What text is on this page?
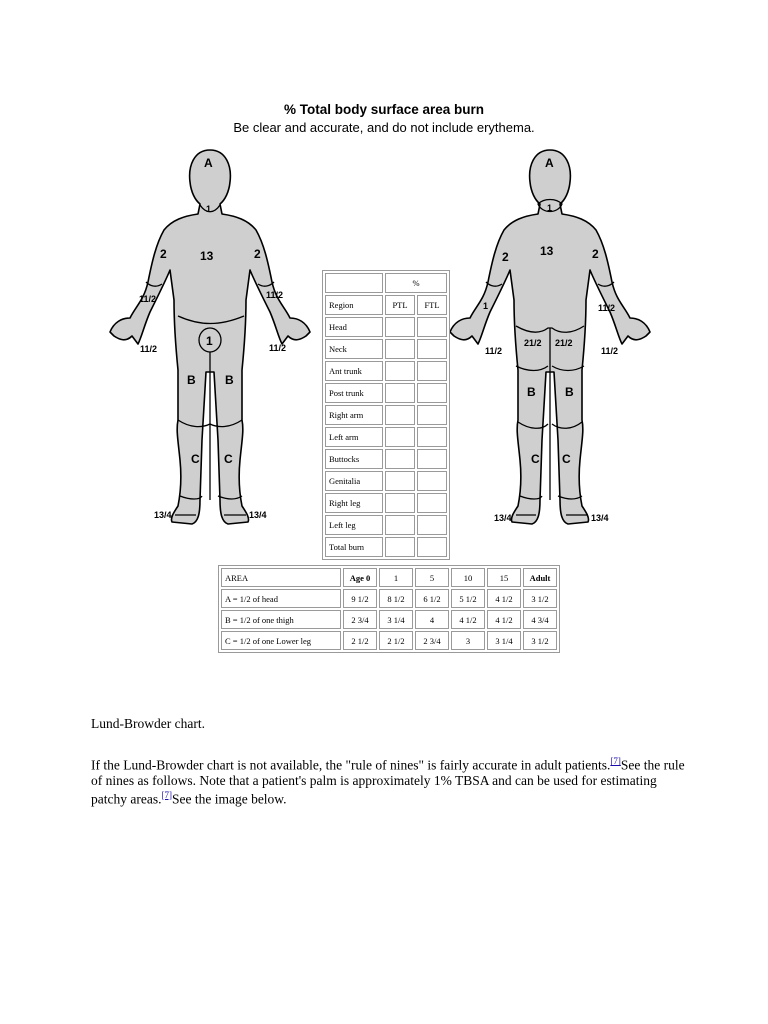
% Total body surface area burn
Be clear and accurate, and do not include erythema.
A
1
13
2	2
11/2	11/2
11/2	11/2
1
B B
C C
13/4	13/4
A
1
13
2	2
1	11/2
11/2	11/2
21/2 21/2
B B
C C
13/4	13/4
	%	
Region	PTL	FTL
Head		
Neck		
Ant trunk		
Post trunk		
Right arm		
Left arm		
Buttocks		
Genitalia		
Right leg		
Left leg		
Total burn		
AREA	Age 0	1	5	10	15	Adult
A = 1/2 of head	9 1/2	8 1/2	6 1/2	5 1/2	4 1/2	3 1/2
B = 1/2 of one thigh	2 3/4	3 1/4	4	4 1/2	4 1/2	4 3/4
C = 1/2 of one Lower leg	2 1/2	2 1/2	2 3/4	3	3 1/4	3 1/2

Lund-Browder chart.

If the Lund-Browder chart is not available, the "rule of nines" is fairly accurate in adult patients.[7]See the rule of nines as follows. Note that a patient's palm is approximately 1% TBSA and can be used for estimating patchy areas.[7]See the image below.
